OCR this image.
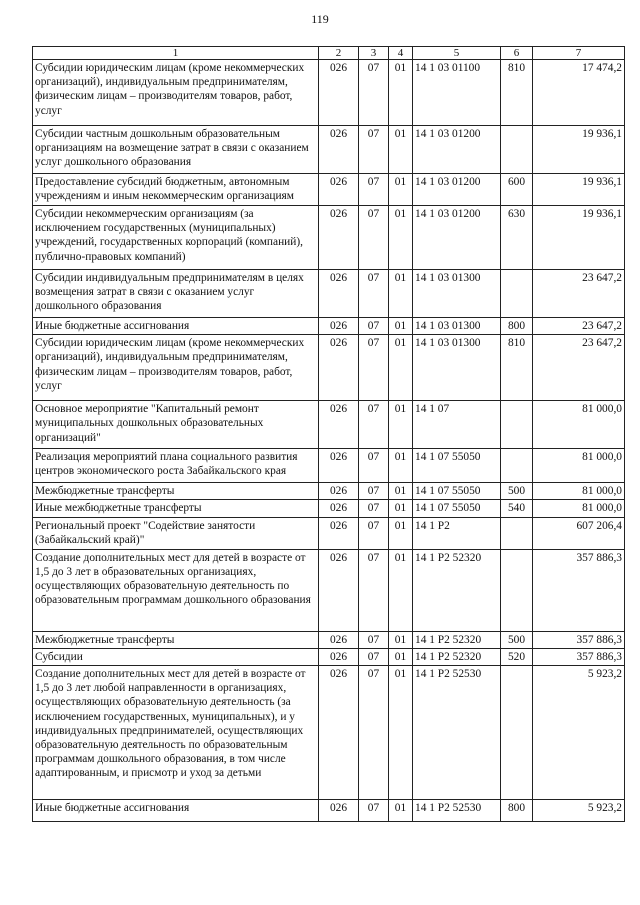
119
1	2	3	4	5	6	7
Субсидии юридическим лицам (кроме некоммерческих организаций), индивидуальным предпринимателям, физическим лицам – производителям товаров, работ, услуг	026	07	01	14 1 03 01100	810	17 474,2
Субсидии частным дошкольным образовательным организациям на возмещение затрат в связи с оказанием услуг дошкольного образования	026	07	01	14 1 03 01200		19 936,1
Предоставление субсидий бюджетным, автономным учреждениям и иным некоммерческим организациям	026	07	01	14 1 03 01200	600	19 936,1
Субсидии некоммерческим организациям (за исключением государственных (муниципальных) учреждений, государственных корпораций (компаний), публично-правовых компаний)	026	07	01	14 1 03 01200	630	19 936,1
Субсидии индивидуальным предпринимателям в целях возмещения затрат в связи с оказанием услуг дошкольного образования	026	07	01	14 1 03 01300		23 647,2
Иные бюджетные ассигнования	026	07	01	14 1 03 01300	800	23 647,2
Субсидии юридическим лицам (кроме некоммерческих организаций), индивидуальным предпринимателям, физическим лицам – производителям товаров, работ, услуг	026	07	01	14 1 03 01300	810	23 647,2
Основное мероприятие "Капитальный ремонт муниципальных дошкольных образовательных организаций"	026	07	01	14 1 07		81 000,0
Реализация мероприятий плана социального развития центров экономического роста Забайкальского края	026	07	01	14 1 07 55050		81 000,0
Межбюджетные трансферты	026	07	01	14 1 07 55050	500	81 000,0
Иные межбюджетные трансферты	026	07	01	14 1 07 55050	540	81 000,0
Региональный проект "Содействие занятости (Забайкальский край)"	026	07	01	14 1 P2		607 206,4
Создание дополнительных мест для детей в возрасте от 1,5 до 3 лет в образовательных организациях, осуществляющих образовательную деятельность по образовательным программам дошкольного образования	026	07	01	14 1 P2 52320		357 886,3
Межбюджетные трансферты	026	07	01	14 1 P2 52320	500	357 886,3
Субсидии	026	07	01	14 1 P2 52320	520	357 886,3
Создание дополнительных мест для детей в возрасте от 1,5 до 3 лет любой направленности в организациях, осуществляющих образовательную деятельность (за исключением государственных, муниципальных), и у индивидуальных предпринимателей, осуществляющих образовательную деятельность по образовательным программам дошкольного образования, в том числе адаптированным, и присмотр и уход за детьми	026	07	01	14 1 P2 52530		5 923,2
Иные бюджетные ассигнования	026	07	01	14 1 P2 52530	800	5 923,2
